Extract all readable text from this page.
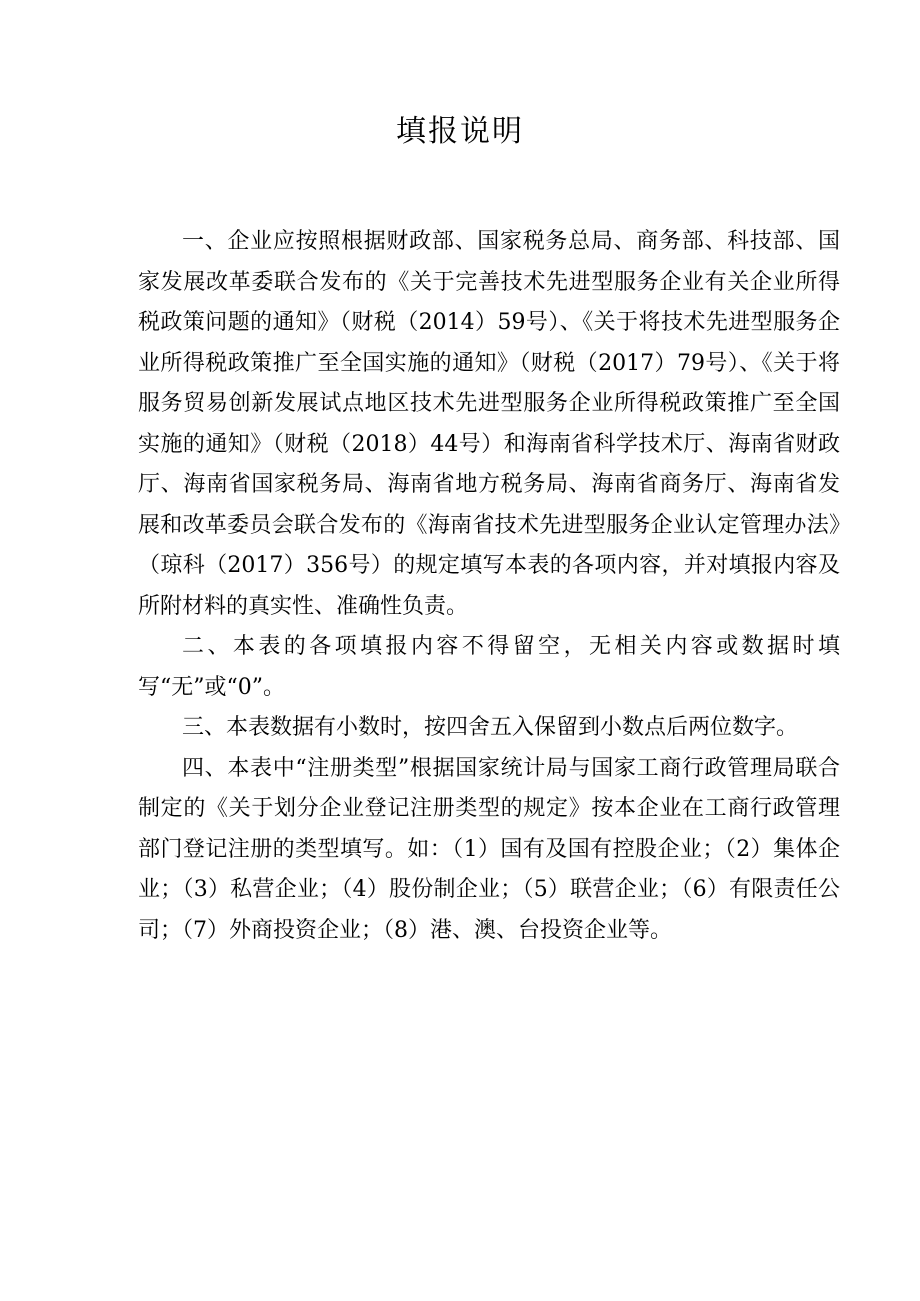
填报说明

一、企业应按照根据财政部、国家税务总局、商务部、科技部、国家发展改革委联合发布的《关于完善技术先进型服务企业有关企业所得税政策问题的通知》（财税（2014）59号）、《关于将技术先进型服务企业所得税政策推广至全国实施的通知》（财税（2017）79号）、《关于将服务贸易创新发展试点地区技术先进型服务企业所得税政策推广至全国实施的通知》（财税（2018）44号）和海南省科学技术厅、海南省财政厅、海南省国家税务局、海南省地方税务局、海南省商务厅、海南省发展和改革委员会联合发布的《海南省技术先进型服务企业认定管理办法》（琼科（2017）356号）的规定填写本表的各项内容，并对填报内容及所附材料的真实性、准确性负责。

二、本表的各项填报内容不得留空，无相关内容或数据时填写“无”或“0”。

三、本表数据有小数时，按四舍五入保留到小数点后两位数字。

四、本表中“注册类型”根据国家统计局与国家工商行政管理局联合制定的《关于划分企业登记注册类型的规定》按本企业在工商行政管理部门登记注册的类型填写。如：（1）国有及国有控股企业；（2）集体企业；（3）私营企业；（4）股份制企业；（5）联营企业；（6）有限责任公司；（7）外商投资企业；（8）港、澳、台投资企业等。
